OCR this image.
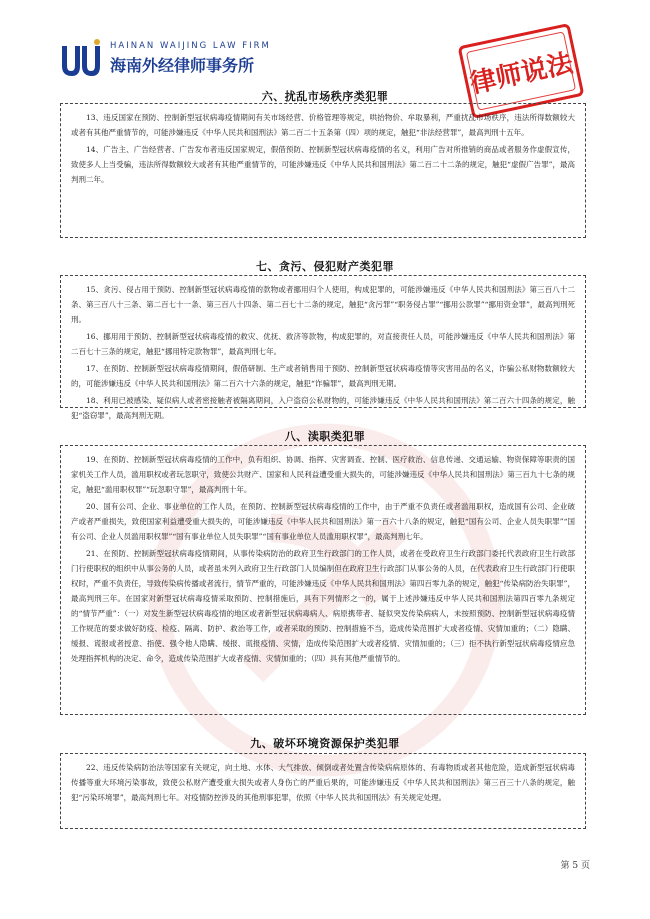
HAINAN WAIJING LAW FIRM
海南外经律师事务所	律师说法
六、扰乱市场秩序类犯罪

13、违反国家在预防、控制新型冠状病毒疫情期间有关市场经营、价格管理等规定，哄抬物价、牟取暴利，严重扰乱市场秩序，违法所得数额较大或者有其他严重情节的，可能涉嫌违反《中华人民共和国刑法》第二百二十五条第（四）项的规定，触犯“非法经营罪”，最高判刑十五年。

14、广告主、广告经营者、广告发布者违反国家规定，假借预防、控制新型冠状病毒疫情的名义，利用广告对所推销的商品或者服务作虚假宣传，致使多人上当受骗，违法所得数额较大或者有其他严重情节的，可能涉嫌违反《中华人民共和国刑法》第二百二十二条的规定，触犯“虚假广告罪”，最高判刑二年。

七、贪污、侵犯财产类犯罪

15、贪污、侵占用于预防、控制新型冠状病毒疫情的款物或者挪用归个人使用，构成犯罪的，可能涉嫌违反《中华人民共和国刑法》第三百八十二条、第三百八十三条、第二百七十一条、第三百八十四条、第二百七十二条的规定，触犯“贪污罪”“职务侵占罪”“挪用公款罪”“挪用资金罪”，最高判刑死刑。

16、挪用用于预防、控制新型冠状病毒疫情的救灾、优抚、救济等款物，构成犯罪的，对直接责任人员，可能涉嫌违反《中华人民共和国刑法》第二百七十三条的规定，触犯“挪用特定款物罪”，最高判刑七年。

17、在预防、控制新型冠状病毒疫情期间，假借研制、生产或者销售用于预防、控制新型冠状病毒疫情等灾害用品的名义，诈骗公私财物数额较大的，可能涉嫌违反《中华人民共和国刑法》第二百六十六条的规定，触犯“诈骗罪”，最高判刑无期。

18、利用已被感染、疑似病人或者密接触者被隔离期间，入户盗窃公私财物的，可能涉嫌违反《中华人民共和国刑法》第二百六十四条的规定，触犯“盗窃罪”，最高判刑无期。

八、渎职类犯罪

19、在预防、控制新型冠状病毒疫情的工作中，负有组织、协调、指挥、灾害调查、控制、医疗救治、信息传递、交通运输、物资保障等职责的国家机关工作人员，滥用职权或者玩忽职守，致使公共财产、国家和人民利益遭受重大损失的，可能涉嫌违反《中华人民共和国刑法》第三百九十七条的规定，触犯“滥用职权罪”“玩忽职守罪”，最高判刑十年。

20、国有公司、企业、事业单位的工作人员，在预防、控制新型冠状病毒疫情的工作中，由于严重不负责任或者滥用职权，造成国有公司、企业破产或者严重损失，致使国家利益遭受重大损失的，可能涉嫌违反《中华人民共和国刑法》第一百六十八条的规定，触犯“国有公司、企业人员失职罪”“国有公司、企业人员滥用职权罪”“国有事业单位人员失职罪”“国有事业单位人员滥用职权罪”，最高判刑七年。

21、在预防、控制新型冠状病毒疫情期间，从事传染病防治的政府卫生行政部门的工作人员，或者在受政府卫生行政部门委托代表政府卫生行政部门行使职权的组织中从事公务的人员，或者虽未列入政府卫生行政部门人员编制但在政府卫生行政部门从事公务的人员，在代表政府卫生行政部门行使职权时，严重不负责任，导致传染病传播或者流行，情节严重的，可能涉嫌违反《中华人民共和国刑法》第四百零九条的规定，触犯“传染病防治失职罪”，最高判刑三年。在国家对新型冠状病毒疫情采取预防、控制措施后，具有下列情形之一的，属于上述涉嫌违反中华人民共和国刑法第四百零九条规定的“情节严重”：（一）对发生新型冠状病毒疫情的地区或者新型冠状病毒病人、病原携带者、疑似突发传染病病人，未按照预防、控制新型冠状病毒疫情工作规范的要求做好防疫、检疫、隔离、防护、救治等工作，或者采取的预防、控制措施不当，造成传染范围扩大或者疫情、灾情加重的；（二）隐瞒、缓报、谎报或者授意、指使、强令他人隐瞒、缓报、谎报疫情、灾情，造成传染范围扩大或者疫情、灾情加重的；（三）拒不执行新型冠状病毒疫情应急处理指挥机构的决定、命令，造成传染范围扩大或者疫情、灾情加重的；（四）具有其他严重情节的。

九、破坏环境资源保护类犯罪

22、违反传染病防治法等国家有关规定，向土地、水体、大气排放、倾倒或者处置含传染病病原体的、有毒物质或者其他危险，造成新型冠状病毒传播等重大环境污染事故，致使公私财产遭受重大损失或者人身伤亡的严重后果的，可能涉嫌违反《中华人民共和国刑法》第三百三十八条的规定，触犯“污染环境罪”，最高判刑七年。对疫情防控涉及的其他刑事犯罪，依照《中华人民共和国刑法》有关规定处理。

第 5 页
